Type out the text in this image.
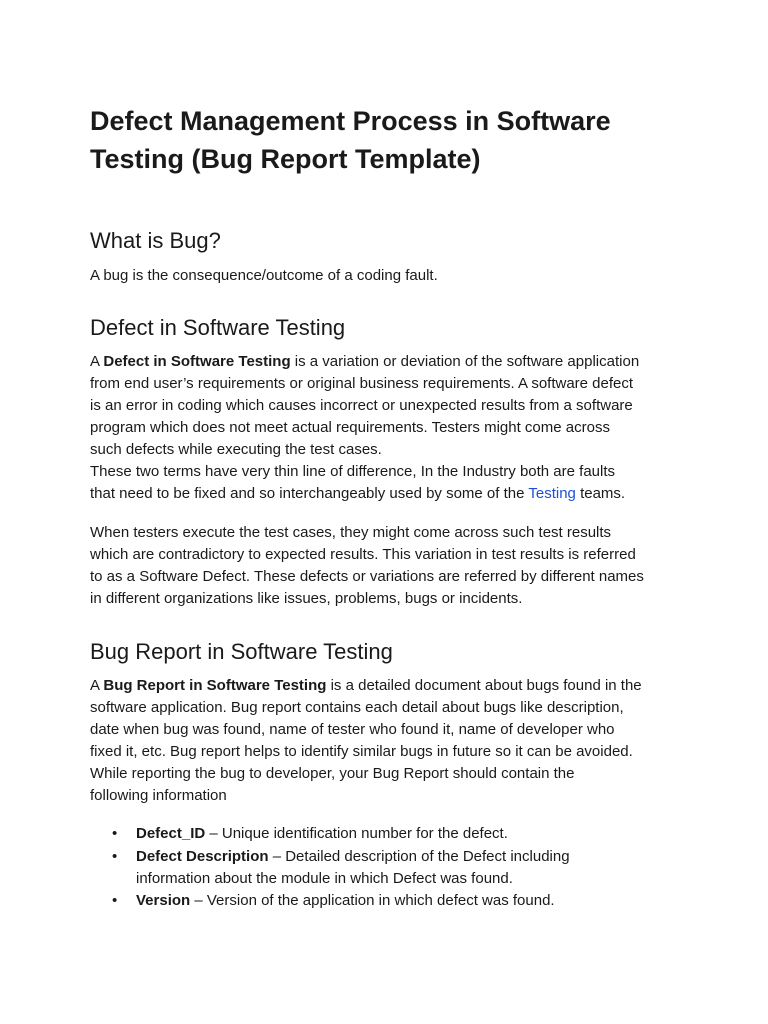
Defect Management Process in Software Testing (Bug Report Template)
What is Bug?

A bug is the consequence/outcome of a coding fault.

Defect in Software Testing

A Defect in Software Testing is a variation or deviation of the software application
from end user’s requirements or original business requirements. A software defect
is an error in coding which causes incorrect or unexpected results from a software
program which does not meet actual requirements. Testers might come across
such defects while executing the test cases.
These two terms have very thin line of difference, In the Industry both are faults
that need to be fixed and so interchangeably used by some of the Testing teams.

When testers execute the test cases, they might come across such test results
which are contradictory to expected results. This variation in test results is referred
to as a Software Defect. These defects or variations are referred by different names
in different organizations like issues, problems, bugs or incidents.

Bug Report in Software Testing

A Bug Report in Software Testing is a detailed document about bugs found in the
software application. Bug report contains each detail about bugs like description,
date when bug was found, name of tester who found it, name of developer who
fixed it, etc. Bug report helps to identify similar bugs in future so it can be avoided.
While reporting the bug to developer, your Bug Report should contain the
following information

• Defect_ID – Unique identification number for the defect.
• Defect Description – Detailed description of the Defect including
information about the module in which Defect was found.
• Version – Version of the application in which defect was found.
